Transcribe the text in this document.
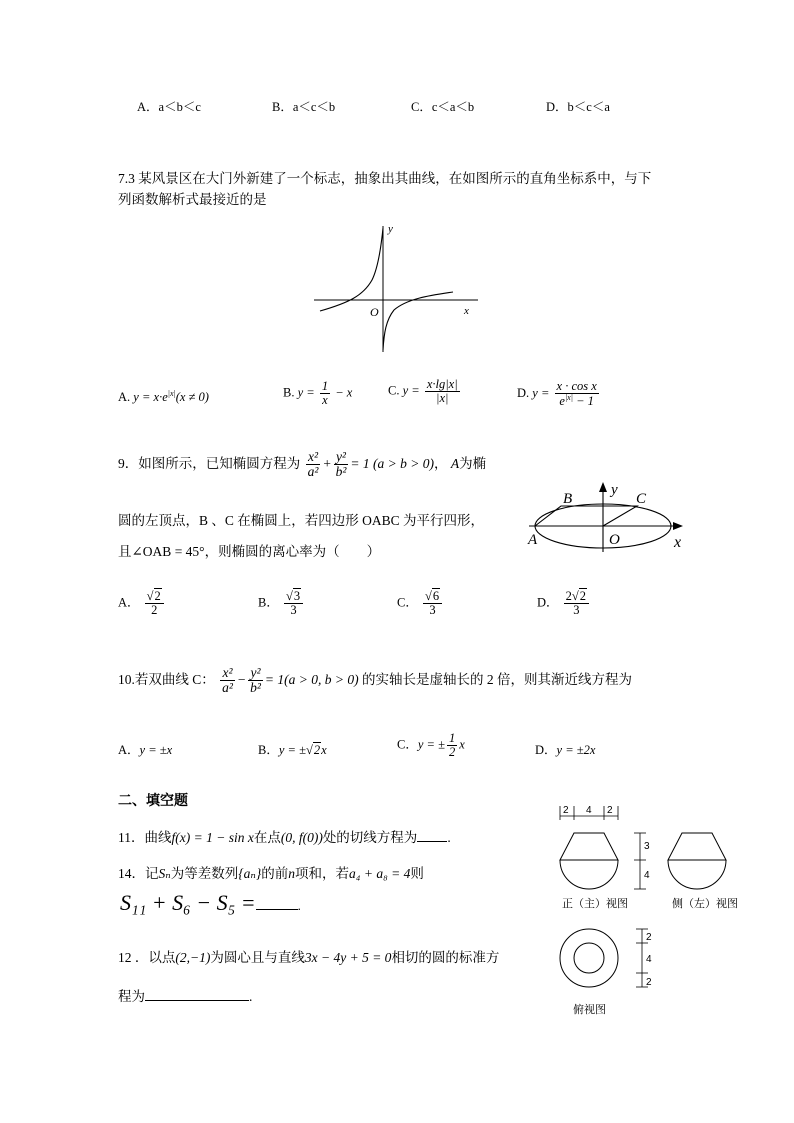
A．a＜b＜c	B．a＜c＜b	C．c＜a＜b	D．b＜c＜a
7.3 某风景区在大门外新建了一个标志，抽象出其曲线，在如图所示的直角坐标系中，与下
列函数解析式最接近的是
y
O	x
A. $y = x\cdot e^{|x|}(x \ne 0)$	B. $y = \frac{1}{x} - x$	C. $y = \frac{x\cdot\lg|x|}{|x|}$	D. $y = \frac{\text{x · cos x}}{e^{|x|} - 1}$
9．如图所示，已知椭圆方程为 $\frac{\text{x²}}{\text{a²}} + \frac{\text{y²}}{\text{b²}} = 1$ (a > b > 0)， A为椭
圆的左顶点，B 、C 在椭圆上，若四边形 OABC 为平行四形，
且∠OAB = 45°，则椭圆的离心率为（　　）
B
y
C
A	O	x
A． $\frac{√2}{2}$	B． $\frac{√3}{3}$	C． $\frac{√6}{3}$	D． $\frac{2√2}{3}$
10.若双曲线 C： $\frac{\text{x²}}{\text{a²}} - \frac{\text{y²}}{\text{b²}} = 1(a > 0$, b > 0) 的实轴长是虚轴长的 2 倍，则其渐近线方程为
A．y = ±x	B．y = ±√2x	C．y = ± $\frac{1}{2}$ x	D．y = ±2x
二、填空题
11．曲线f(x) = 1 − sin x在点(0, f(0))处的切线方程为 .
14．记Sₙ为等差数列{aₙ}的前n项和，若a₄ + a₈ = 4则
S₁₁ + S₆ − S₅ =	.
12 ．以点(2,−1)为圆心且与直线3x − 4y + 5 = 0相切的圆的标准方
程为	.
2 4 2
3
4
正（主）视图	侧（左）视图
2
4
2
俯视图
